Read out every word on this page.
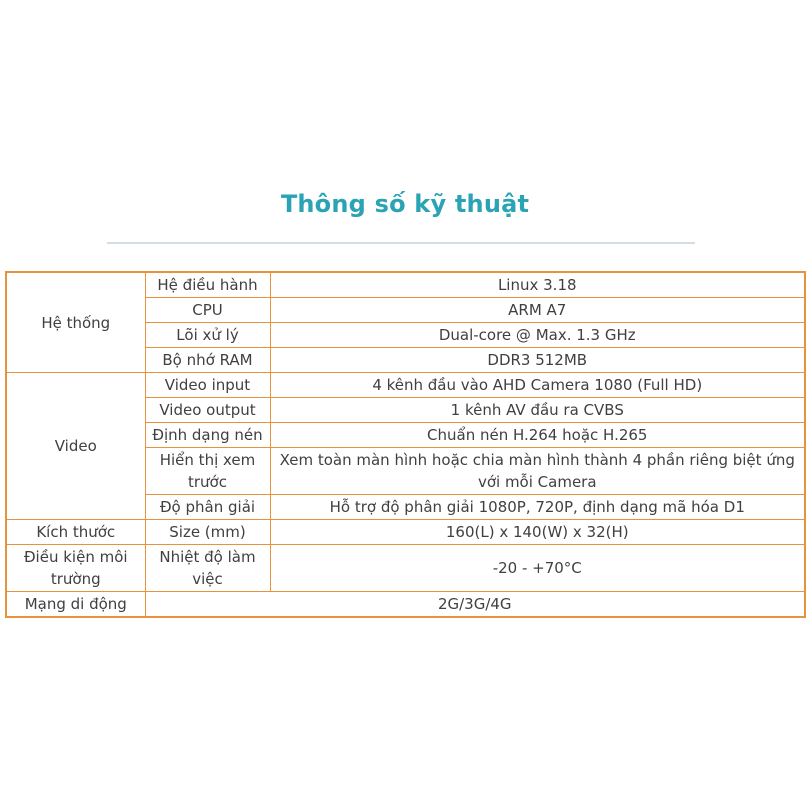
Thông số kỹ thuật
Hệ thống	Hệ điều hành	Linux 3.18
	CPU	ARM A7
	Lõi xử lý	Dual-core @ Max. 1.3 GHz
	Bộ nhớ RAM	DDR3 512MB
Video	Video input	4 kênh đầu vào AHD Camera 1080 (Full HD)
	Video output	1 kênh AV đầu ra CVBS
	Định dạng nén	Chuẩn nén H.264 hoặc H.265
	Hiển thị xem trước	Xem toàn màn hình hoặc chia màn hình thành 4 phần riêng biệt ứng với mỗi Camera
	Độ phân giải	Hỗ trợ độ phân giải 1080P, 720P, định dạng mã hóa D1
Kích thước	Size (mm)	160(L) x 140(W) x 32(H)
Điều kiện môi trường	Nhiệt độ làm việc	-20 - +70°C
Mạng di động	2G/3G/4G	
